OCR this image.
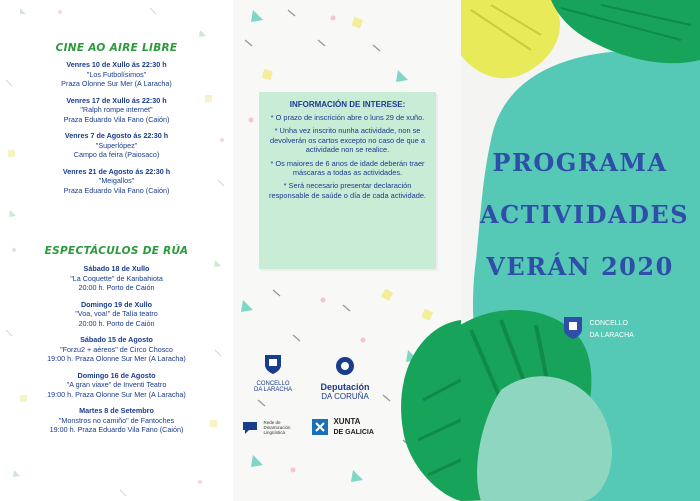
CINE AO AIRE LIBRE
Venres 10 de Xullo ás 22:30 h
"Los Futbolísimos"
Praza Olonne Sur Mer (A Laracha)
Venres 17 de Xullo ás 22:30 h
"Ralph rompe internet"
Praza Eduardo Vila Fano (Caión)
Venres 7 de Agosto ás 22:30 h
"Superlópez"
Campo da feira (Paiosaco)
Venres 21 de Agosto ás 22:30 h
"Meigallos"
Praza Eduardo Vila Fano (Caión)
ESPECTÁCULOS DE RÚA
Sábado 18 de Xullo
"La Coquette" de Kanbahiota
20:00 h. Porto de Caión
Domingo 19 de Xullo
"Voa, voa!" de Talía teatro
20:00 h. Porto de Caión
Sábado 15 de Agosto
"Forzu2 + aéreos" de Circo Chosco
19:00 h. Praza Olonne Sur Mer (A Laracha)
Domingo 16 de Agosto
"A gran viaxe" de Inventi Teatro
19:00 h. Praza Olonne Sur Mer (A Laracha)
Martes 8 de Setembro
"Monstros no camiño" de Fantoches
19:00 h. Praza Eduardo Vila Fano (Caión)
CONCELLO
DA LARACHA	Deputación
DA CORUÑA
Rede de
Dinamización
Lingüística
XUNTA
DE GALICIA
INFORMACIÓN DE INTERESE:
* O prazo de inscrición abre o luns 29 de xuño.
* Unha vez inscrito nunha actividade, non se devolverán os cartos excepto no caso de que a actividade non se realice.
* Os maiores de 6 anos de idade deberán traer máscaras a todas as actividades.
* Será necesario presentar declaración responsable de saúde o día de cada actividade.
PROGRAMA
ACTIVIDADES
VERÁN 2020
CONCELLO
DA LARACHA
